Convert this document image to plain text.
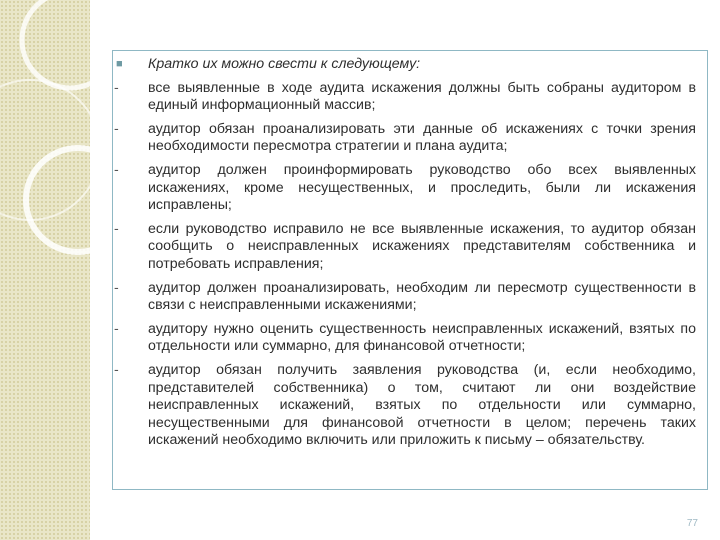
■ Кратко их можно свести к следующему:
- все выявленные в ходе аудита искажения должны быть собраны аудитором в единый информационный массив;
- аудитор обязан проанализировать эти данные об искажениях с точки зрения необходимости пересмотра стратегии и плана аудита;
- аудитор должен проинформировать руководство обо всех выявленных искажениях, кроме несущественных, и проследить, были ли искажения исправлены;
- если руководство исправило не все выявленные искажения, то аудитор обязан сообщить о неисправленных искажениях представителям собственника и потребовать исправления;
- аудитор должен проанализировать, необходим ли пересмотр существенности в связи с неисправленными искажениями;
- аудитору нужно оценить существенность неисправленных искажений, взятых по отдельности или суммарно, для финансовой отчетности;
- аудитор обязан получить заявления руководства (и, если необходимо, представителей собственника) о том, считают ли они воздействие неисправленных искажений, взятых по отдельности или суммарно, несущественными для финансовой отчетности в целом; перечень таких искажений необходимо включить или приложить к письму – обязательству.
77
